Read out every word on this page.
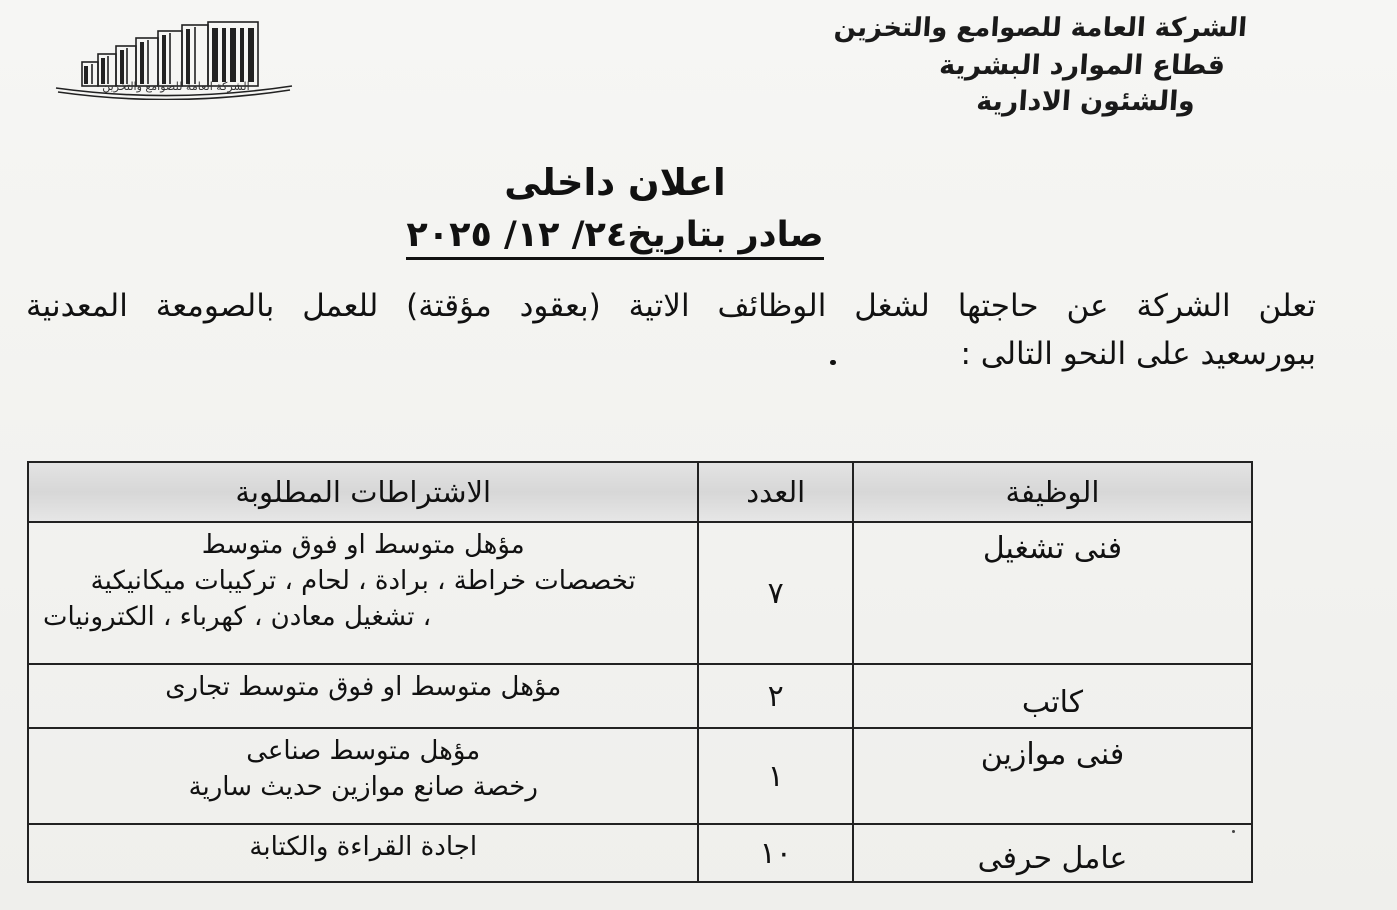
الشركة العامة للصوامع والتخزين
الشركة العامة للصوامع والتخزين
قطاع الموارد البشرية
والشئون الادارية
اعلان داخلى
صادر بتاريخ٢٤/ ١٢/ ٢٠٢٥
تعلن الشركة عن حاجتها لشغل الوظائف الاتية (بعقود مؤقتة) للعمل بالصومعة المعدنية
ببورسعيد على النحو التالى :
الوظيفة	العدد	الاشتراطات المطلوبة
فنى تشغيل	٧	مؤهل متوسط او فوق متوسط
تخصصات خراطة ، برادة ، لحام ، تركيبات ميكانيكية
، تشغيل معادن ، كهرباء ، الكترونيات

كاتب	٢	مؤهل متوسط او فوق متوسط تجارى

فنى موازين	١	مؤهل متوسط صناعى
رخصة صانع موازين حديث سارية

عامل حرفى	١٠	اجادة القراءة والكتابة
